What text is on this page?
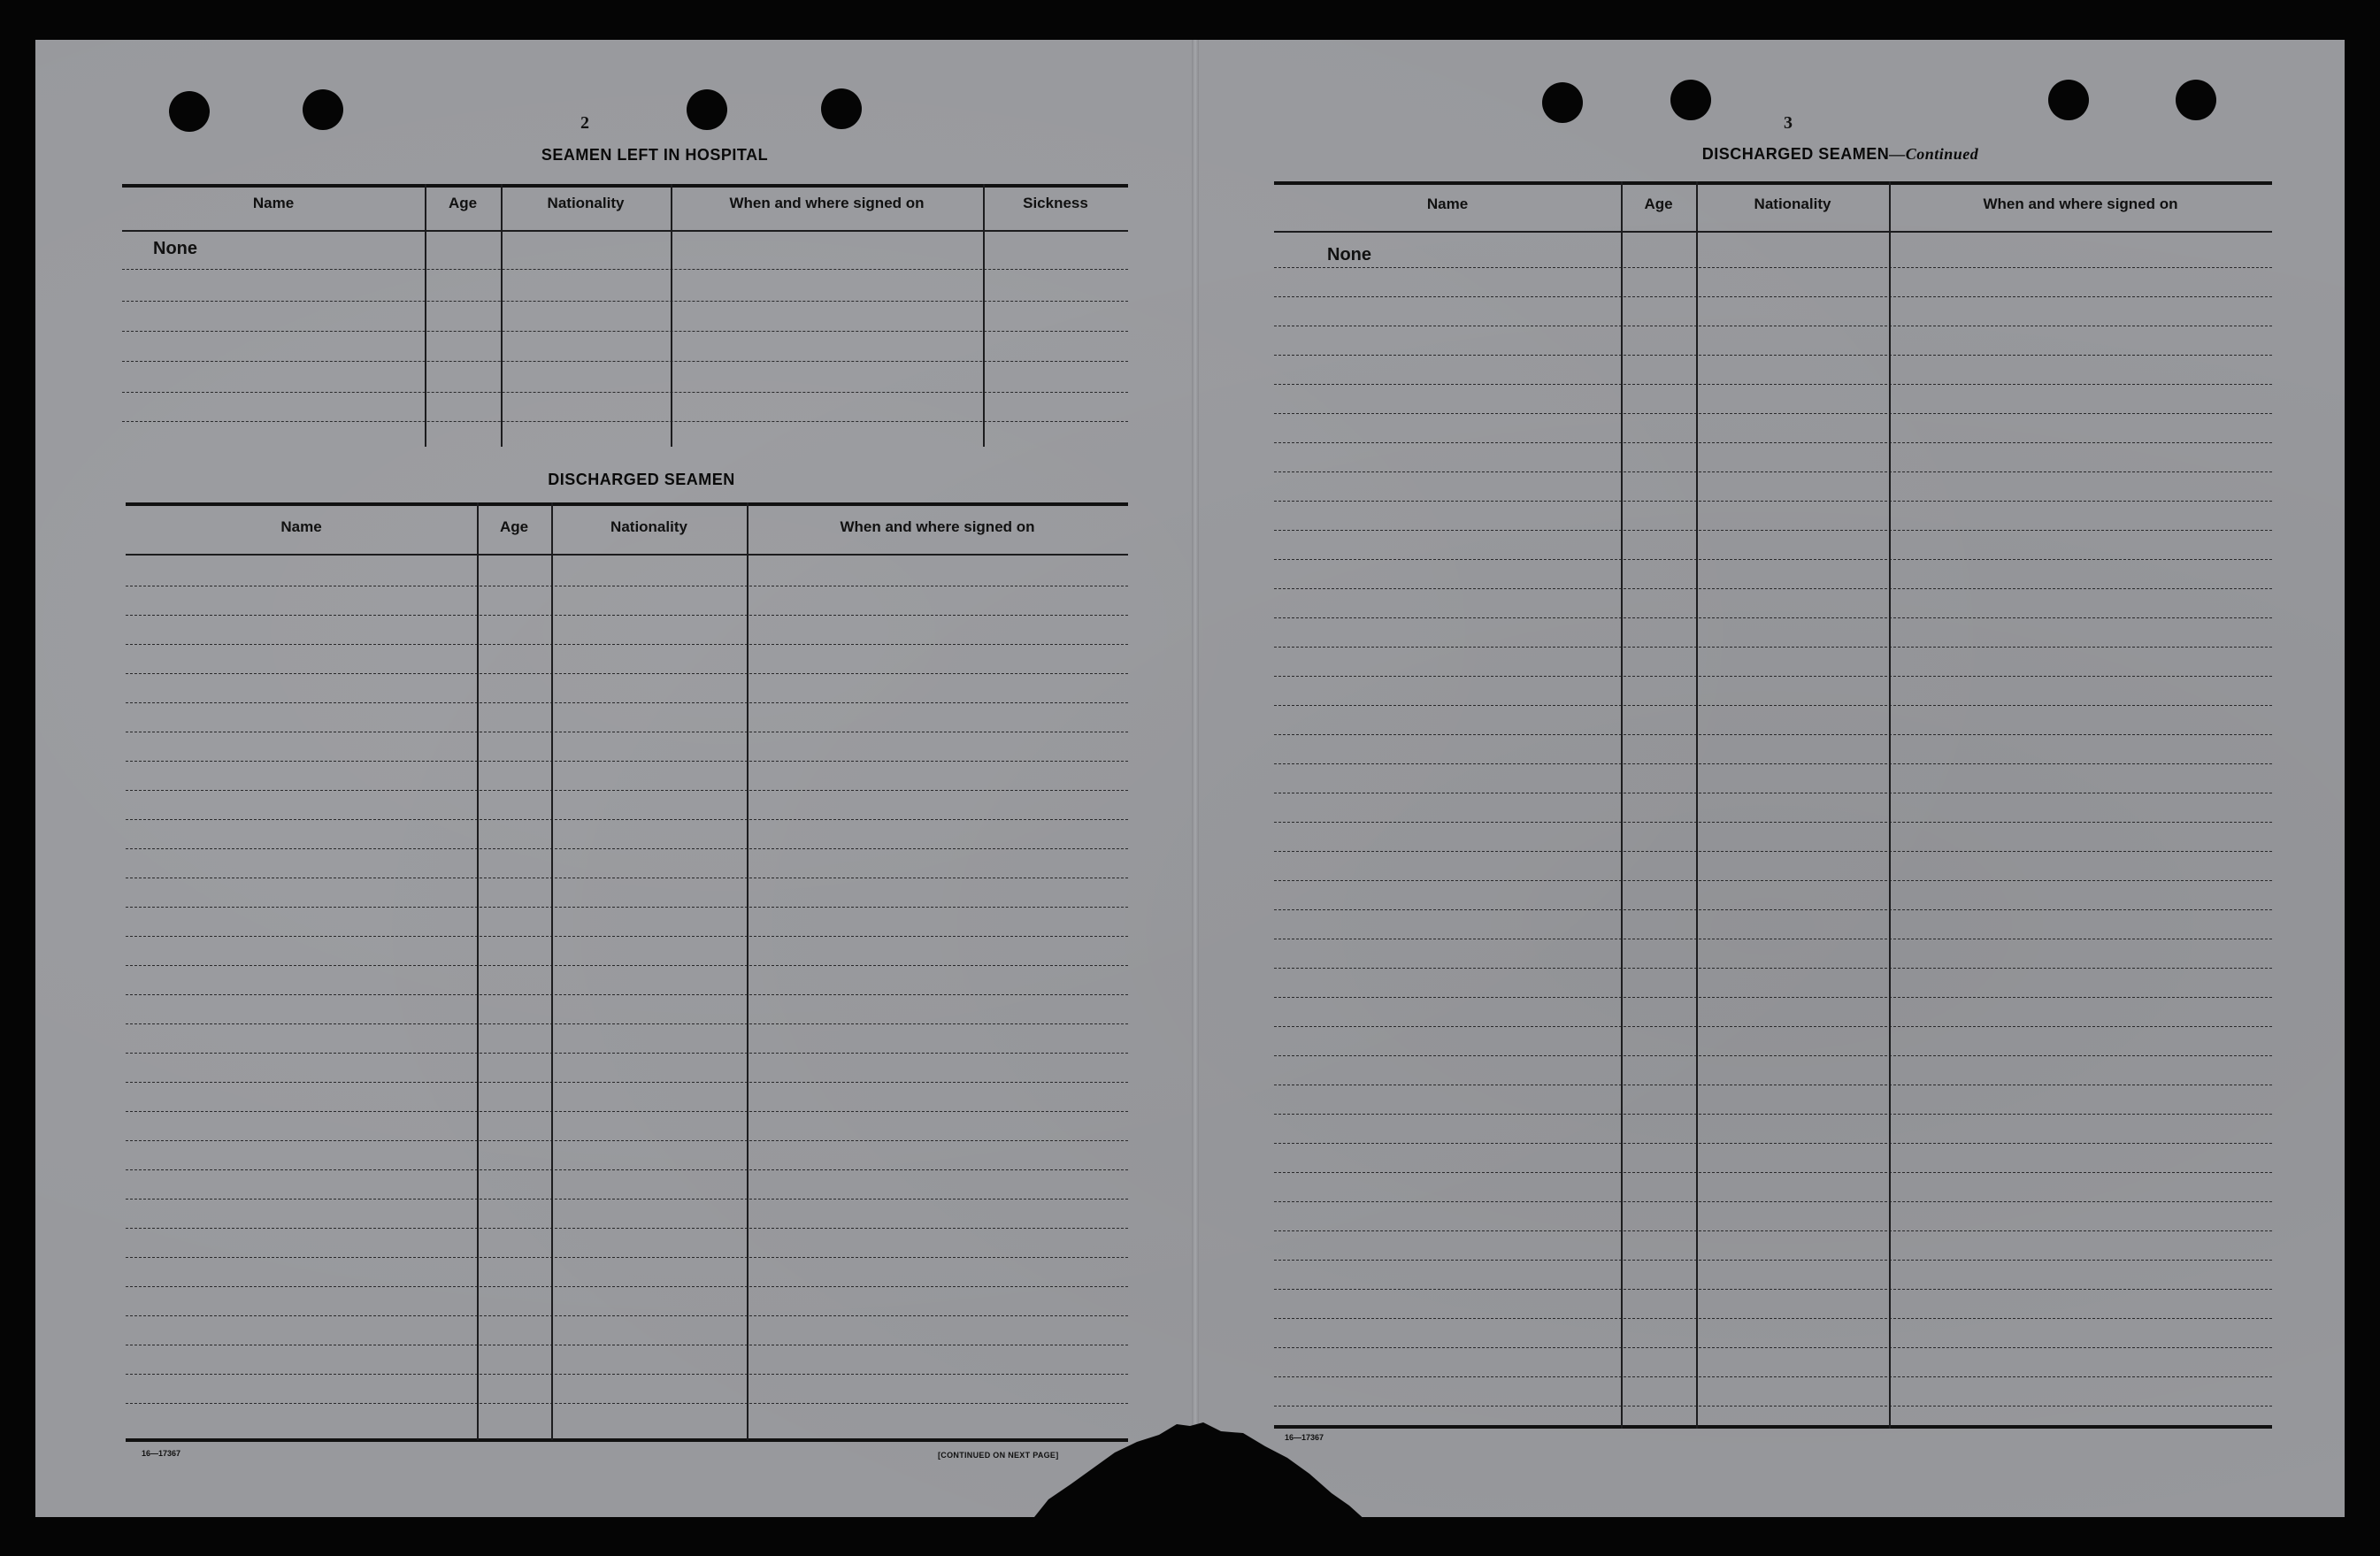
2
SEAMEN LEFT IN HOSPITAL
Name	Age	Nationality	When and where signed on	Sickness
None
DISCHARGED SEAMEN
Name	Age	Nationality	When and where signed on
16—17367	[CONTINUED ON NEXT PAGE]
3
DISCHARGED SEAMEN—Continued
Name	Age	Nationality	When and where signed on
None
16—17367
